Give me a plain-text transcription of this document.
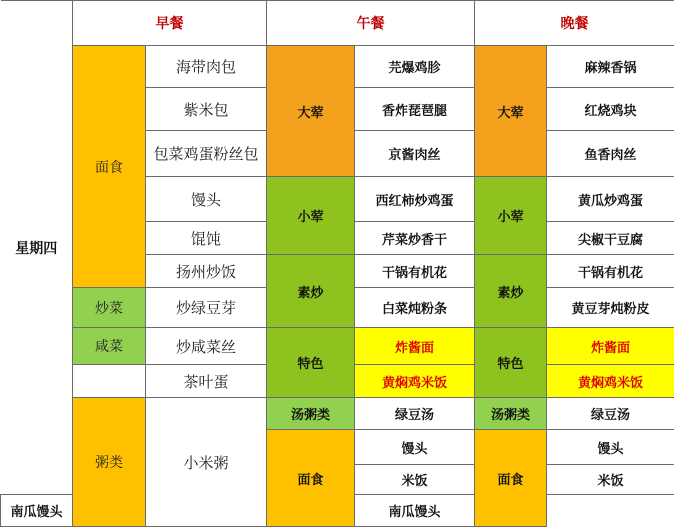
星期四	早餐		午餐		晚餐	
	面食	海带肉包	大荤	芫爆鸡胗	大荤	麻辣香锅
		紫米包		香炸琵琶腿		红烧鸡块
		包菜鸡蛋粉丝包		京酱肉丝		鱼香肉丝
		馒头	小荤	西红柿炒鸡蛋	小荤	黄瓜炒鸡蛋
		馄饨		芹菜炒香干		尖椒干豆腐
		扬州炒饭	素炒	干锅有机花	素炒	干锅有机花
	炒菜	炒绿豆芽		白菜炖粉条		黄豆芽炖粉皮
	咸菜	炒咸菜丝	特色	炸酱面	特色	炸酱面
		茶叶蛋		黄焖鸡米饭		黄焖鸡米饭
	粥类	小米粥	汤粥类	绿豆汤	汤粥类	绿豆汤
			面食	馒头	面食	馒头
				米饭		米饭
南瓜馒头				南瓜馒头		
